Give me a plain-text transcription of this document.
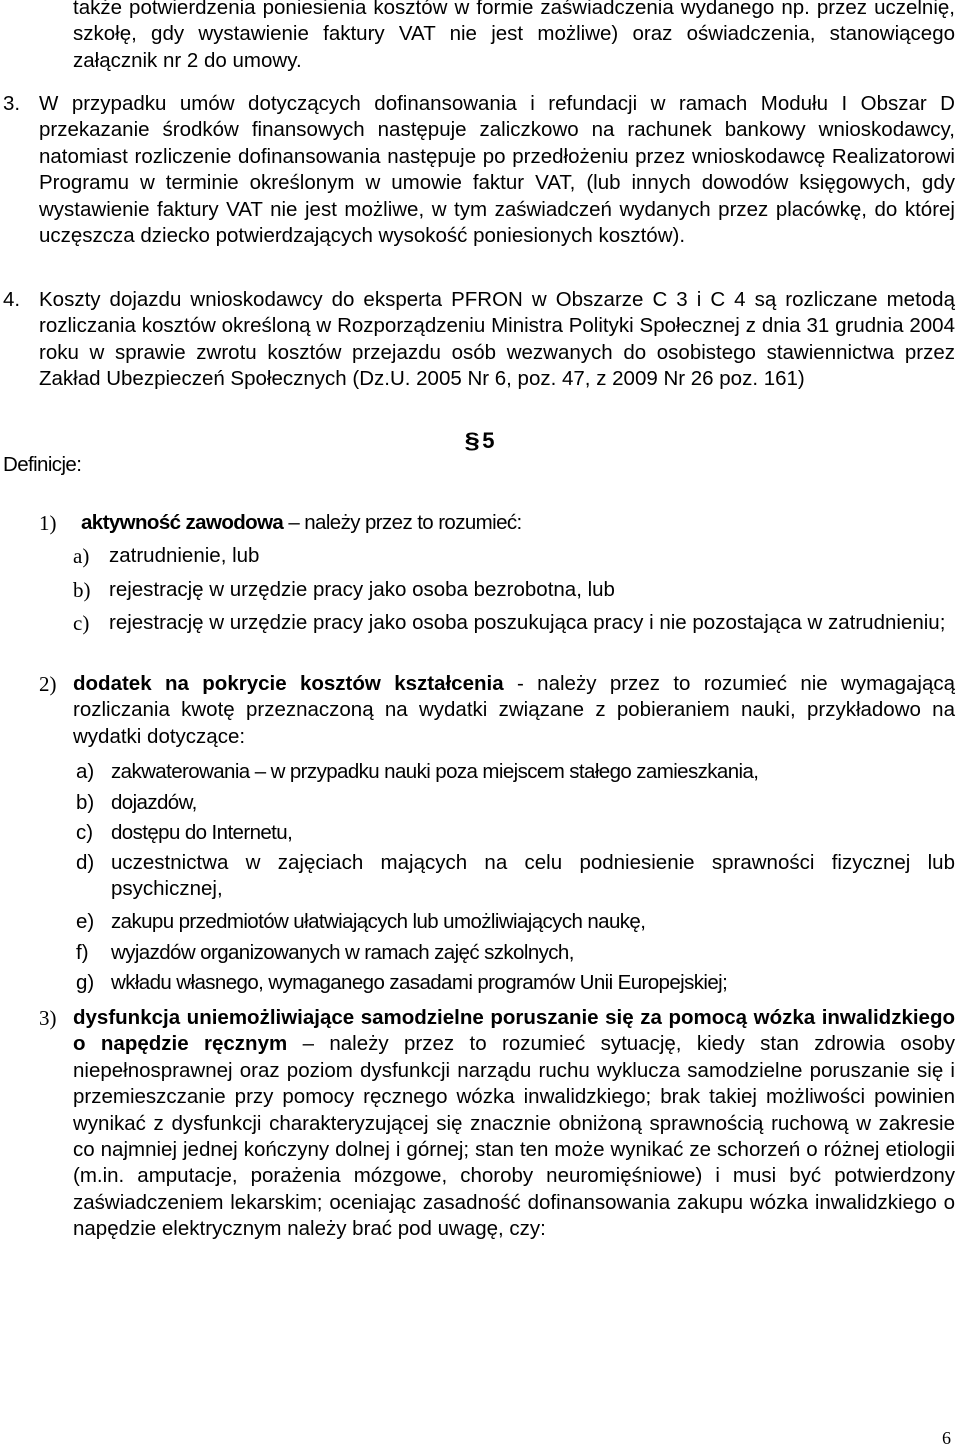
także potwierdzenia poniesienia kosztów w formie zaświadczenia wydanego np. przez uczelnię, szkołę, gdy wystawienie faktury VAT nie jest możliwe) oraz oświadczenia, stanowiącego załącznik nr 2 do umowy.

3. W przypadku umów dotyczących dofinansowania i refundacji w ramach Modułu I Obszar D przekazanie środków finansowych następuje zaliczkowo na rachunek bankowy wnioskodawcy, natomiast rozliczenie dofinansowania następuje po przedłożeniu przez wnioskodawcę Realizatorowi Programu w terminie określonym w umowie faktur VAT, (lub innych dowodów księgowych, gdy wystawienie faktury VAT nie jest możliwe, w tym zaświadczeń wydanych przez placówkę, do której uczęszcza dziecko potwierdzających wysokość poniesionych kosztów).

4. Koszty dojazdu wnioskodawcy do eksperta PFRON w Obszarze C 3 i C 4 są rozliczane metodą rozliczania kosztów określoną w Rozporządzeniu Ministra Polityki Społecznej z dnia 31 grudnia 2004 roku w sprawie zwrotu kosztów przejazdu osób wezwanych do osobistego stawiennictwa przez Zakład Ubezpieczeń Społecznych (Dz.U. 2005 Nr 6, poz. 47, z 2009 Nr 26 poz. 161)

§ 5
Definicje:
1) aktywność zawodowa – należy przez to rozumieć:

a) zatrudnienie, lub

b) rejestrację w urzędzie pracy jako osoba bezrobotna, lub

c) rejestrację w urzędzie pracy jako osoba poszukująca pracy i nie pozostająca w zatrudnieniu;

2) dodatek na pokrycie kosztów kształcenia - należy przez to rozumieć nie wymagającą rozliczania kwotę przeznaczoną na wydatki związane z pobieraniem nauki, przykładowo na wydatki dotyczące:

a) zakwaterowania – w przypadku nauki poza miejscem stałego zamieszkania,

b) dojazdów,

c) dostępu do Internetu,

d) uczestnictwa w zajęciach mających na celu podniesienie sprawności fizycznej lub psychicznej,

e) zakupu przedmiotów ułatwiających lub umożliwiających naukę,

f) wyjazdów organizowanych w ramach zajęć szkolnych,

g) wkładu własnego, wymaganego zasadami programów Unii Europejskiej;

3) dysfunkcja uniemożliwiające samodzielne poruszanie się za pomocą wózka inwalidzkiego o napędzie ręcznym – należy przez to rozumieć sytuację, kiedy stan zdrowia osoby niepełnosprawnej oraz poziom dysfunkcji narządu ruchu wyklucza samodzielne poruszanie się i przemieszczanie przy pomocy ręcznego wózka inwalidzkiego; brak takiej możliwości powinien wynikać z dysfunkcji charakteryzującej się znacznie obniżoną sprawnością ruchową w zakresie co najmniej jednej kończyny dolnej i górnej; stan ten może wynikać ze schorzeń o różnej etiologii (m.in. amputacje, porażenia mózgowe, choroby neuromięśniowe) i musi być potwierdzony zaświadczeniem lekarskim; oceniając zasadność dofinansowania zakupu wózka inwalidzkiego o napędzie elektrycznym należy brać pod uwagę, czy:

6
